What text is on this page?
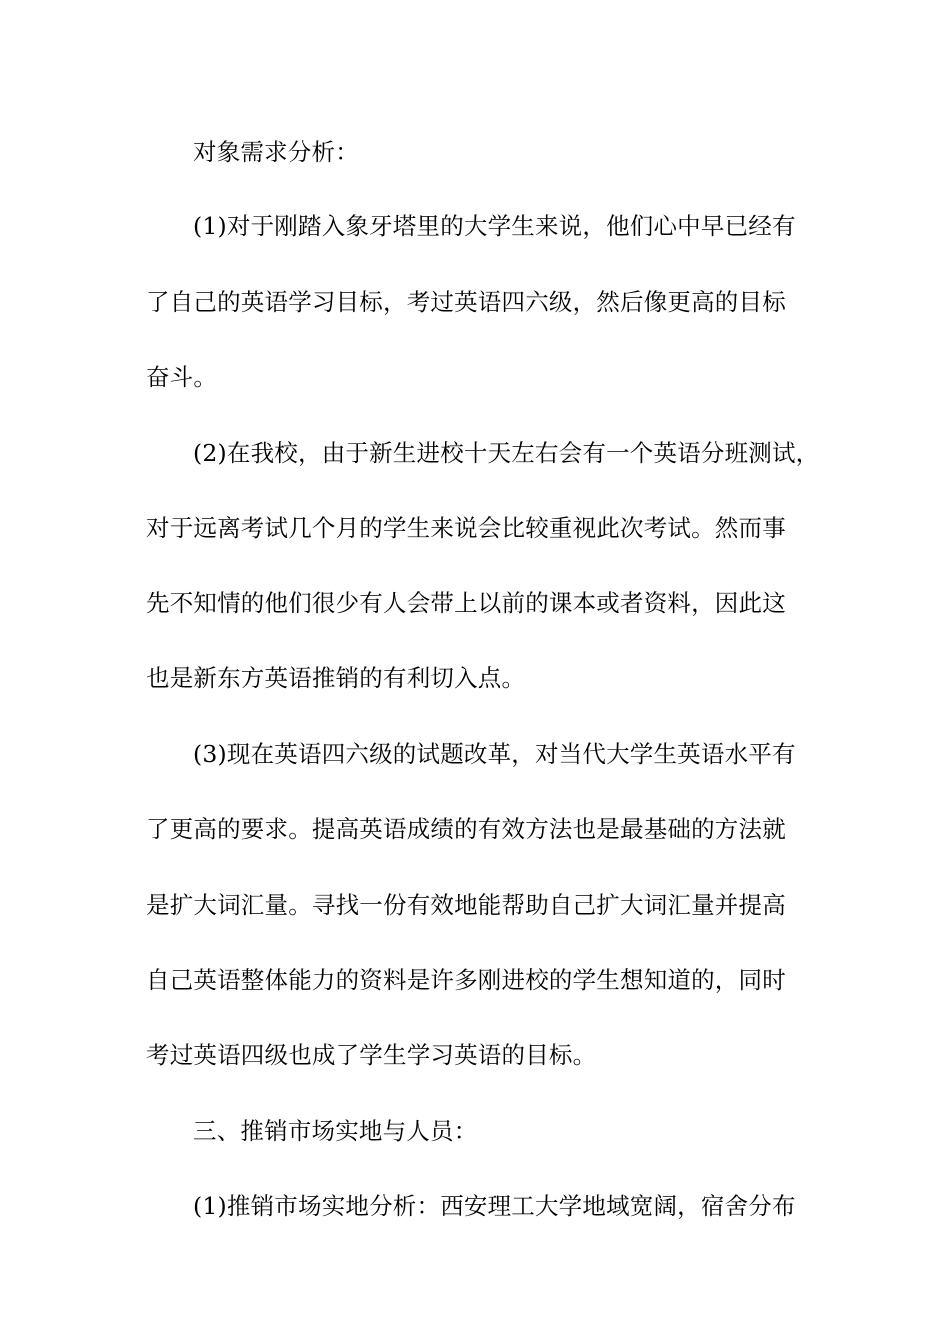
对象需求分析：
(1)对于刚踏入象牙塔里的大学生来说，他们心中早已经有
了自己的英语学习目标，考过英语四六级，然后像更高的目标
奋斗。
(2)在我校，由于新生进校十天左右会有一个英语分班测试，
对于远离考试几个月的学生来说会比较重视此次考试。然而事
先不知情的他们很少有人会带上以前的课本或者资料，因此这
也是新东方英语推销的有利切入点。
(3)现在英语四六级的试题改革，对当代大学生英语水平有
了更高的要求。提高英语成绩的有效方法也是最基础的方法就
是扩大词汇量。寻找一份有效地能帮助自己扩大词汇量并提高
自己英语整体能力的资料是许多刚进校的学生想知道的，同时
考过英语四级也成了学生学习英语的目标。
三、推销市场实地与人员：
(1)推销市场实地分析：西安理工大学地域宽阔，宿舍分布
